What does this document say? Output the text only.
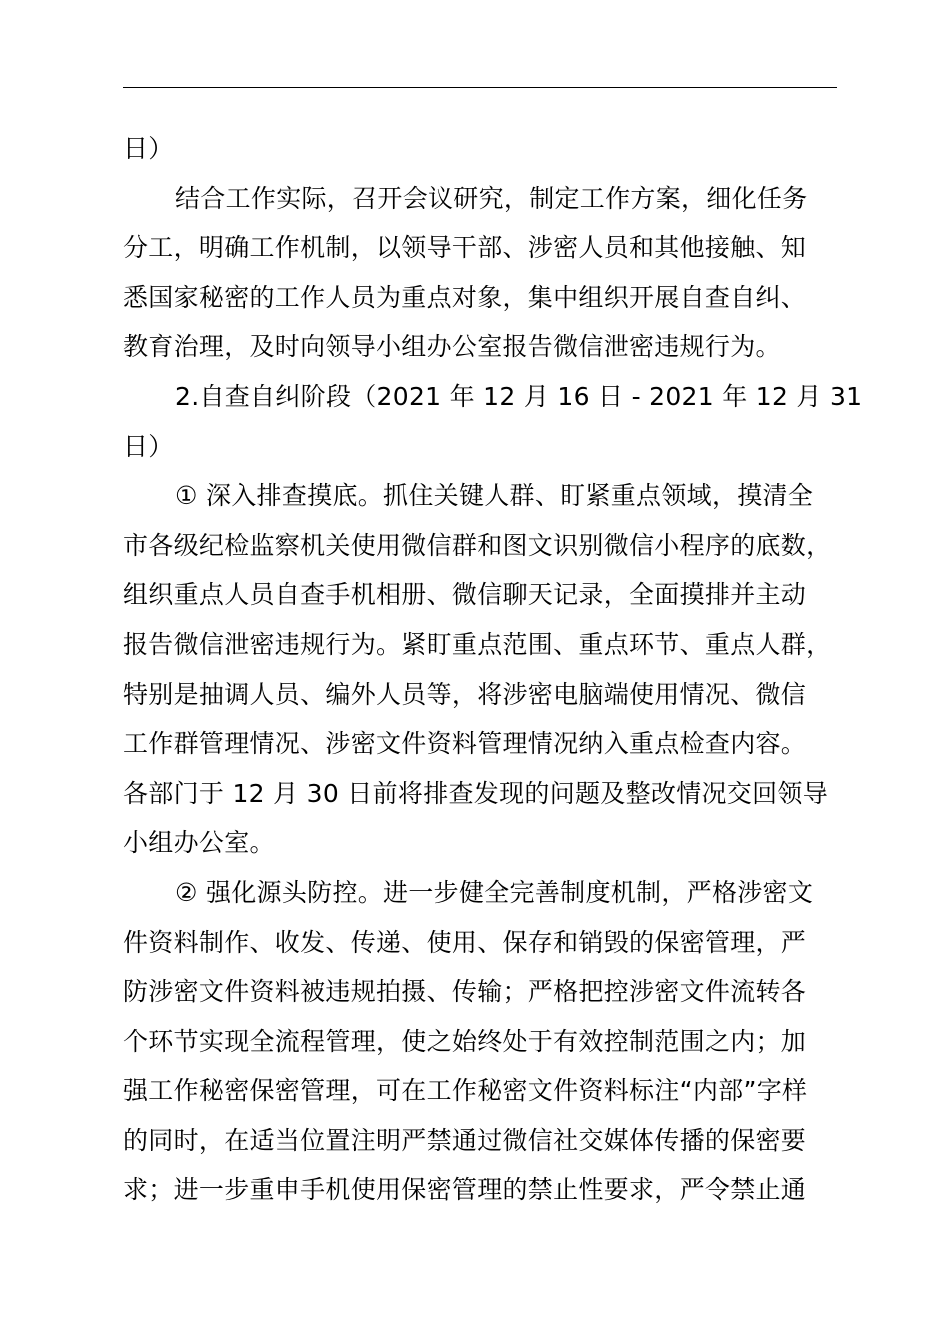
日）
结合工作实际，召开会议研究，制定工作方案，细化任务
分工，明确工作机制，以领导干部、涉密人员和其他接触、知
悉国家秘密的工作人员为重点对象，集中组织开展自查自纠、
教育治理，及时向领导小组办公室报告微信泄密违规行为。
2.自查自纠阶段（2021 年 12 月 16 日 - 2021 年 12 月 31
日）
① 深入排查摸底。抓住关键人群、盯紧重点领域，摸清全
市各级纪检监察机关使用微信群和图文识别微信小程序的底数，
组织重点人员自查手机相册、微信聊天记录，全面摸排并主动
报告微信泄密违规行为。紧盯重点范围、重点环节、重点人群，
特别是抽调人员、编外人员等，将涉密电脑端使用情况、微信
工作群管理情况、涉密文件资料管理情况纳入重点检查内容。
各部门于 12 月 30 日前将排查发现的问题及整改情况交回领导
小组办公室。
② 强化源头防控。进一步健全完善制度机制，严格涉密文
件资料制作、收发、传递、使用、保存和销毁的保密管理，严
防涉密文件资料被违规拍摄、传输；严格把控涉密文件流转各
个环节实现全流程管理，使之始终处于有效控制范围之内；加
强工作秘密保密管理，可在工作秘密文件资料标注“内部”字样
的同时，在适当位置注明严禁通过微信社交媒体传播的保密要
求；进一步重申手机使用保密管理的禁止性要求，严令禁止通
